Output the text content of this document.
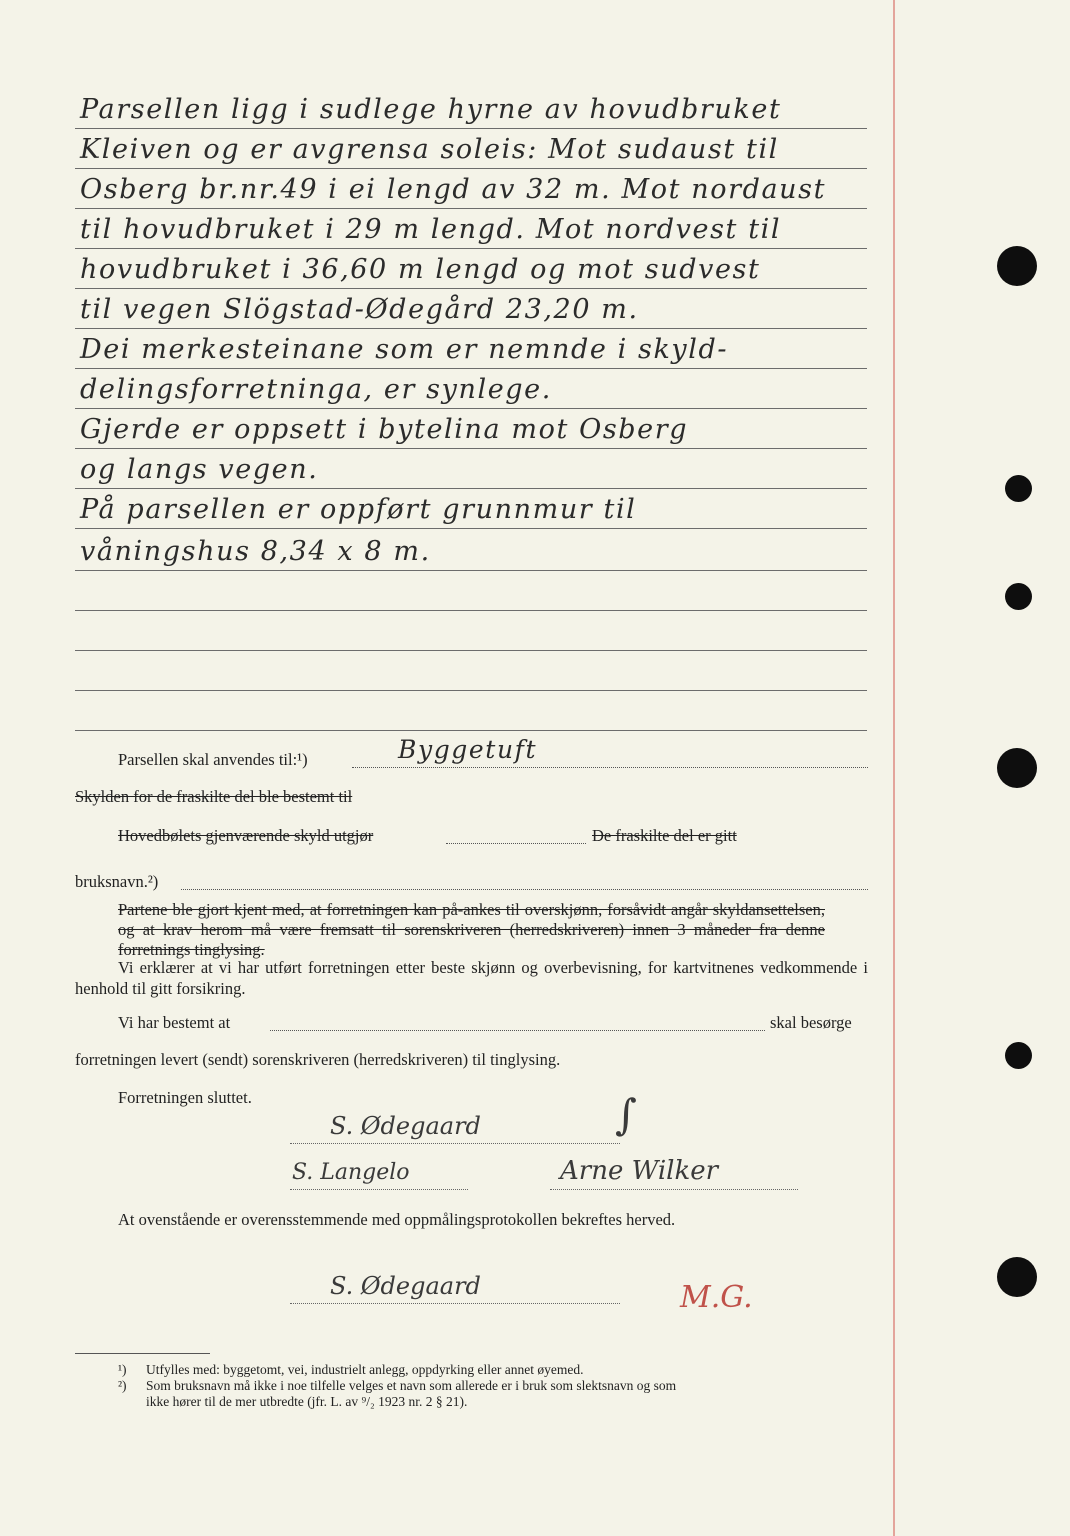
Parsellen ligg i sudlege hyrne av hovudbruket
Kleiven og er avgrensa soleis: Mot sudaust til
Osberg br.nr.49 i ei lengd av 32 m. Mot nordaust
til hovudbruket i 29 m lengd. Mot nordvest til
hovudbruket i 36,60 m lengd og mot sudvest
til vegen Slögstad-Ødegård 23,20 m.
Dei merkesteinane som er nemnde i skyld-
delingsforretninga, er synlege.
Gjerde er oppsett i bytelina mot Osberg
og langs vegen.
På parsellen er oppført grunnmur til
våningshus 8,34 x 8 m.
Parsellen skal anvendes til:¹)	Byggetuft
Skylden for de fraskilte del ble bestemt til
Hovedbølets gjenværende skyld utgjør	De fraskilte del er gitt
bruksnavn.²)
Partene ble gjort kjent med, at forretningen kan på-ankes til overskjønn, forsåvidt angår skyldansettelsen, og at krav herom må være fremsatt til sorenskriveren (herredskriveren) innen 3 måneder fra denne forretnings tinglysing.
Vi erklærer at vi har utført forretningen etter beste skjønn og overbevisning, for kartvitnenes vedkommende i henhold til gitt forsikring.
Vi har bestemt at	skal besørge
forretningen levert (sendt) sorenskriveren (herredskriveren) til tinglysing.
Forretningen sluttet.
S. Ødegaard	∫
S. Langelo	Arne Wilker
At ovenstående er overensstemmende med oppmålingsprotokollen bekreftes herved.
S. Ødegaard	M.G.
¹) Utfylles med: byggetomt, vei, industrielt anlegg, oppdyrking eller annet øyemed.
²) Som bruksnavn må ikke i noe tilfelle velges et navn som allerede er i bruk som slektsnavn og som
ikke hører til de mer utbredte (jfr. L. av ⁹/₂ 1923 nr. 2 § 21).
